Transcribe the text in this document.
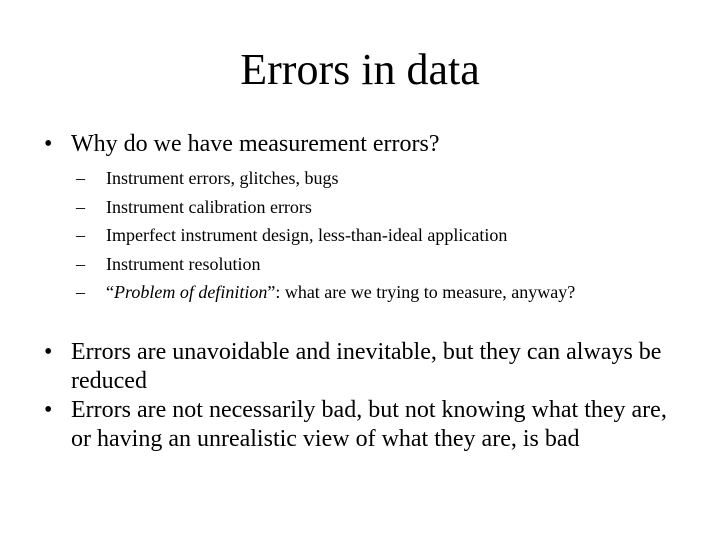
Errors in data
• Why do we have measurement errors?
– Instrument errors, glitches, bugs
– Instrument calibration errors
– Imperfect instrument design, less-than-ideal application
– Instrument resolution
– “Problem of definition”: what are we trying to measure, anyway?
• Errors are unavoidable and inevitable, but they can always be reduced
• Errors are not necessarily bad, but not knowing what they are, or having an unrealistic view of what they are, is bad
